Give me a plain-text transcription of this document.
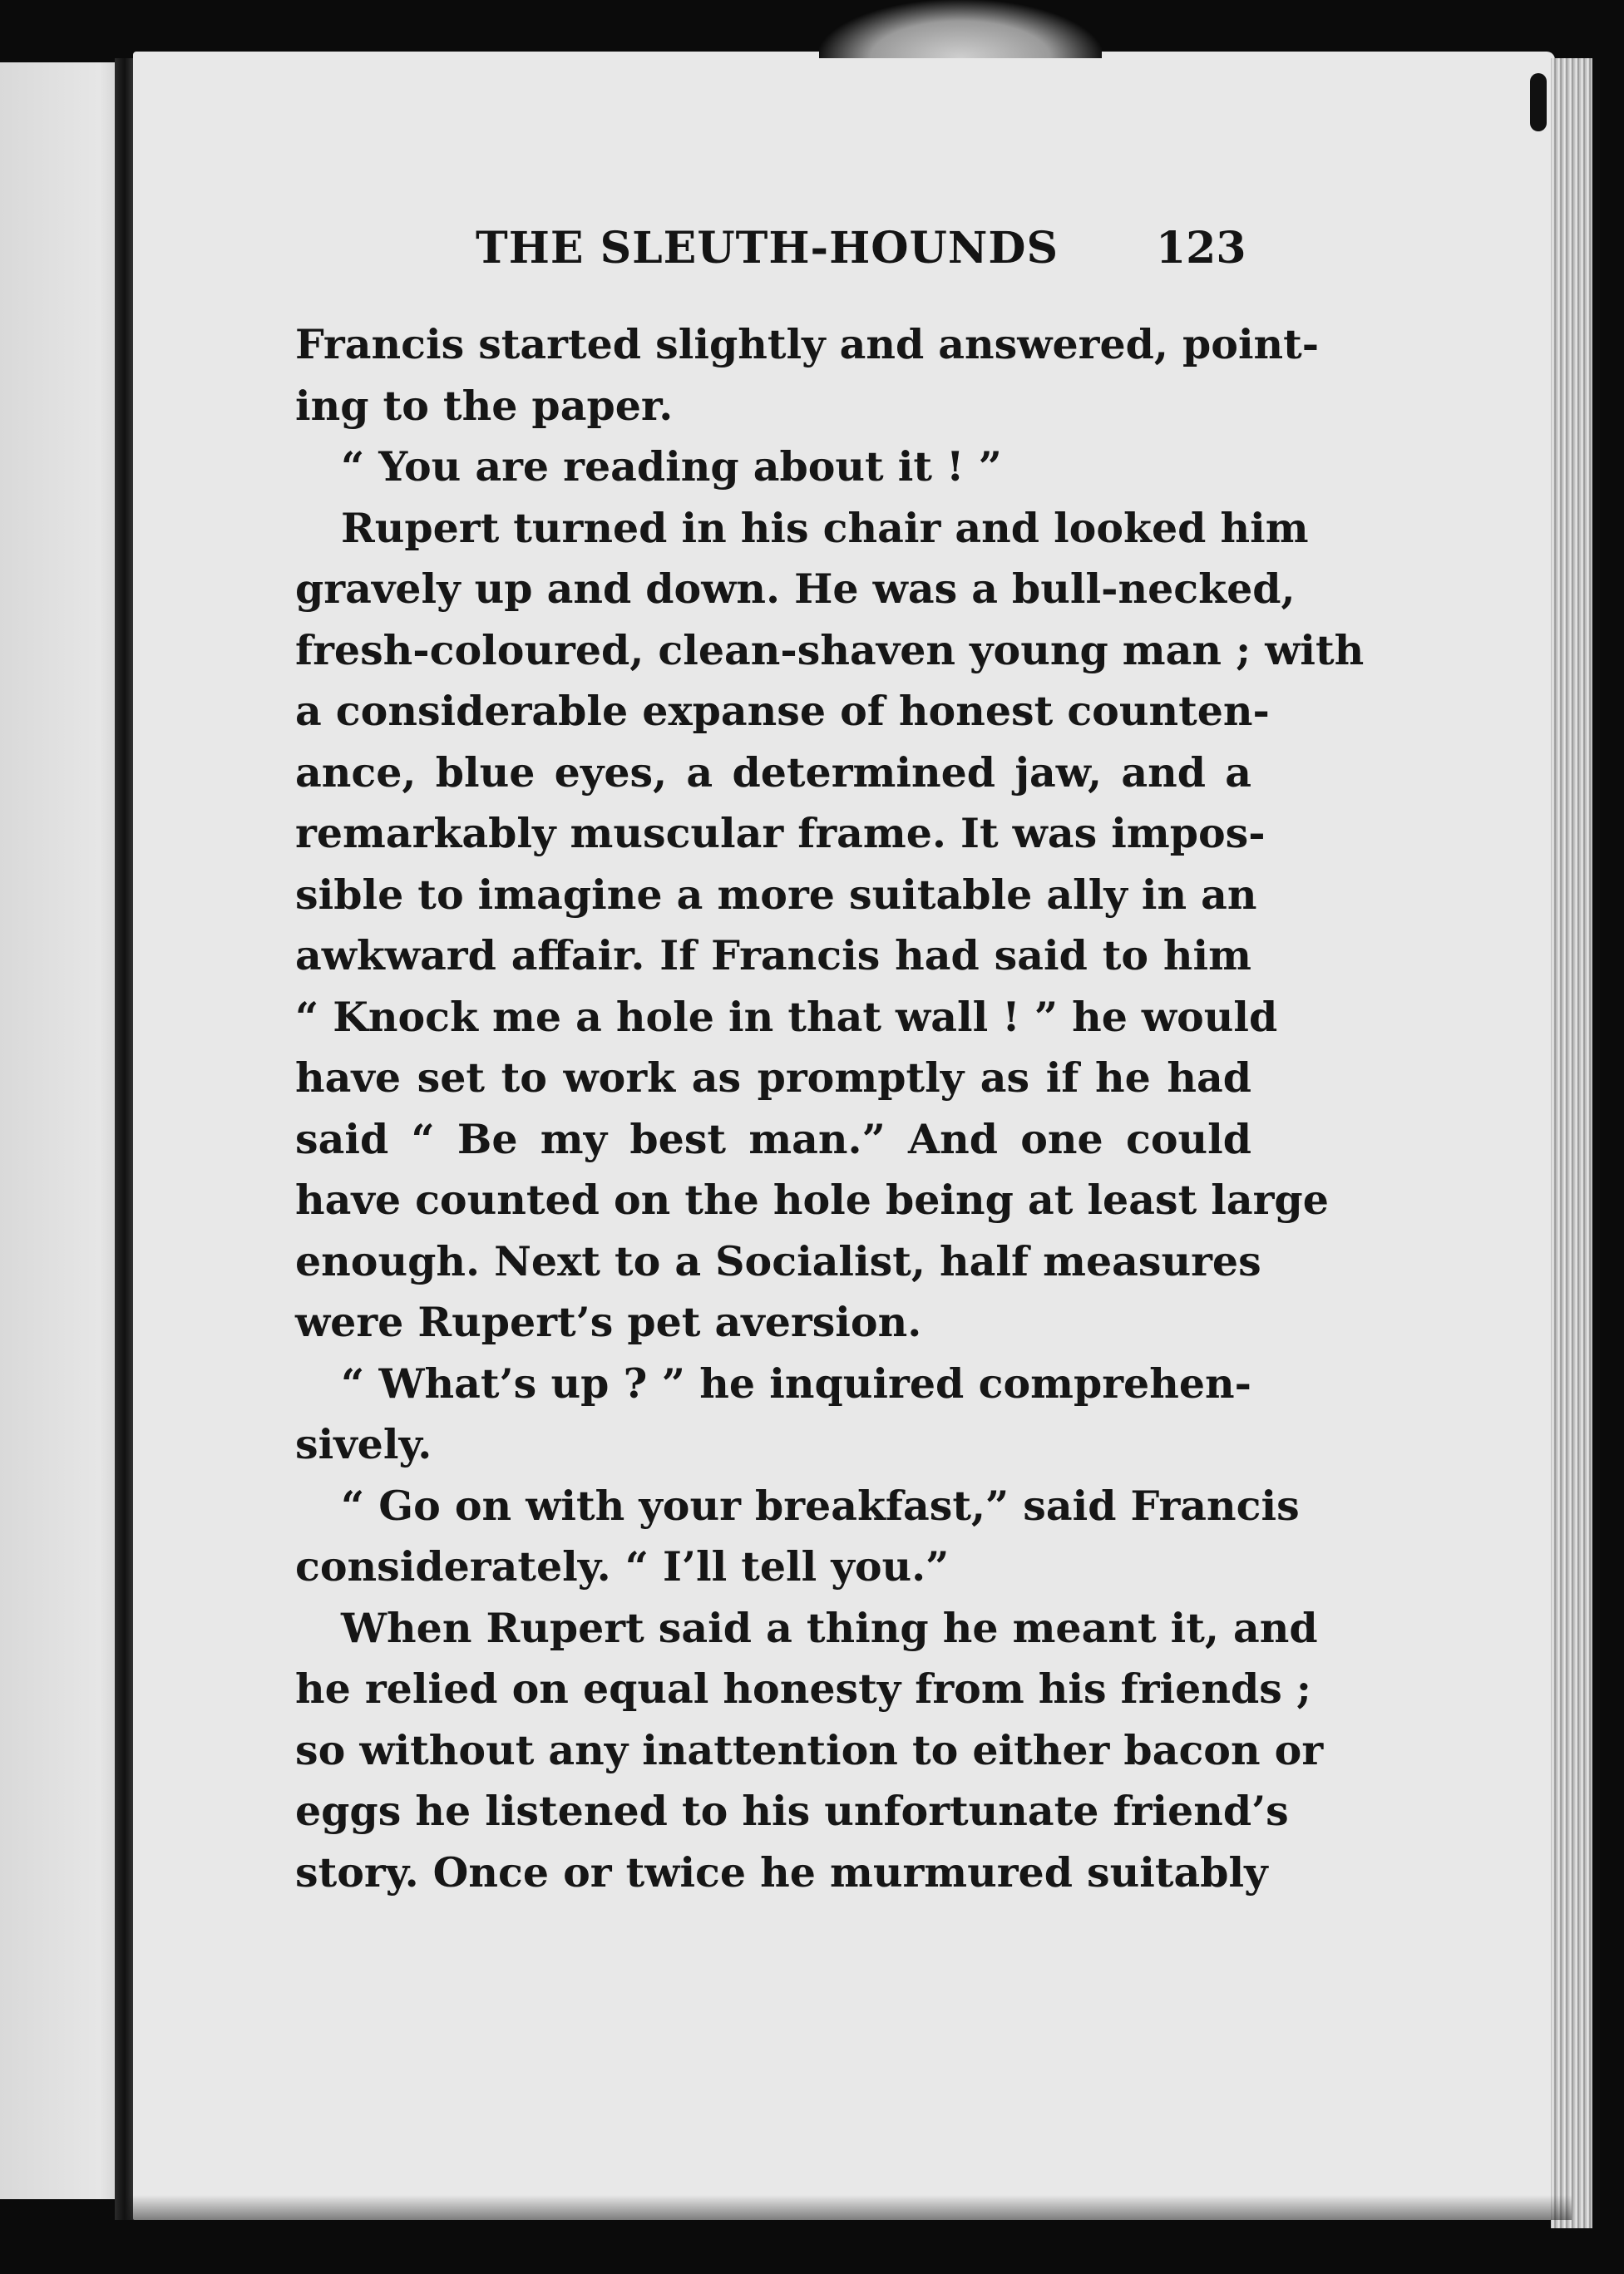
THE SLEUTH-HOUNDS 123
Francis started slightly and answered, point-
ing to the paper.
“ You are reading about it ! ”
Rupert turned in his chair and looked him
gravely up and down. He was a bull-necked,
fresh-coloured, clean-shaven young man ; with
a considerable expanse of honest counten-
ance, blue eyes, a determined jaw, and a
remarkably muscular frame. It was impos-
sible to imagine a more suitable ally in an
awkward affair. If Francis had said to him
“ Knock me a hole in that wall ! ” he would
have set to work as promptly as if he had
said “ Be my best man.” And one could
have counted on the hole being at least large
enough. Next to a Socialist, half measures
were Rupert’s pet aversion.
“ What’s up ? ” he inquired comprehen-
sively.
“ Go on with your breakfast,” said Francis
considerately. “ I’ll tell you.”
When Rupert said a thing he meant it, and
he relied on equal honesty from his friends ;
so without any inattention to either bacon or
eggs he listened to his unfortunate friend’s
story. Once or twice he murmured suitably
